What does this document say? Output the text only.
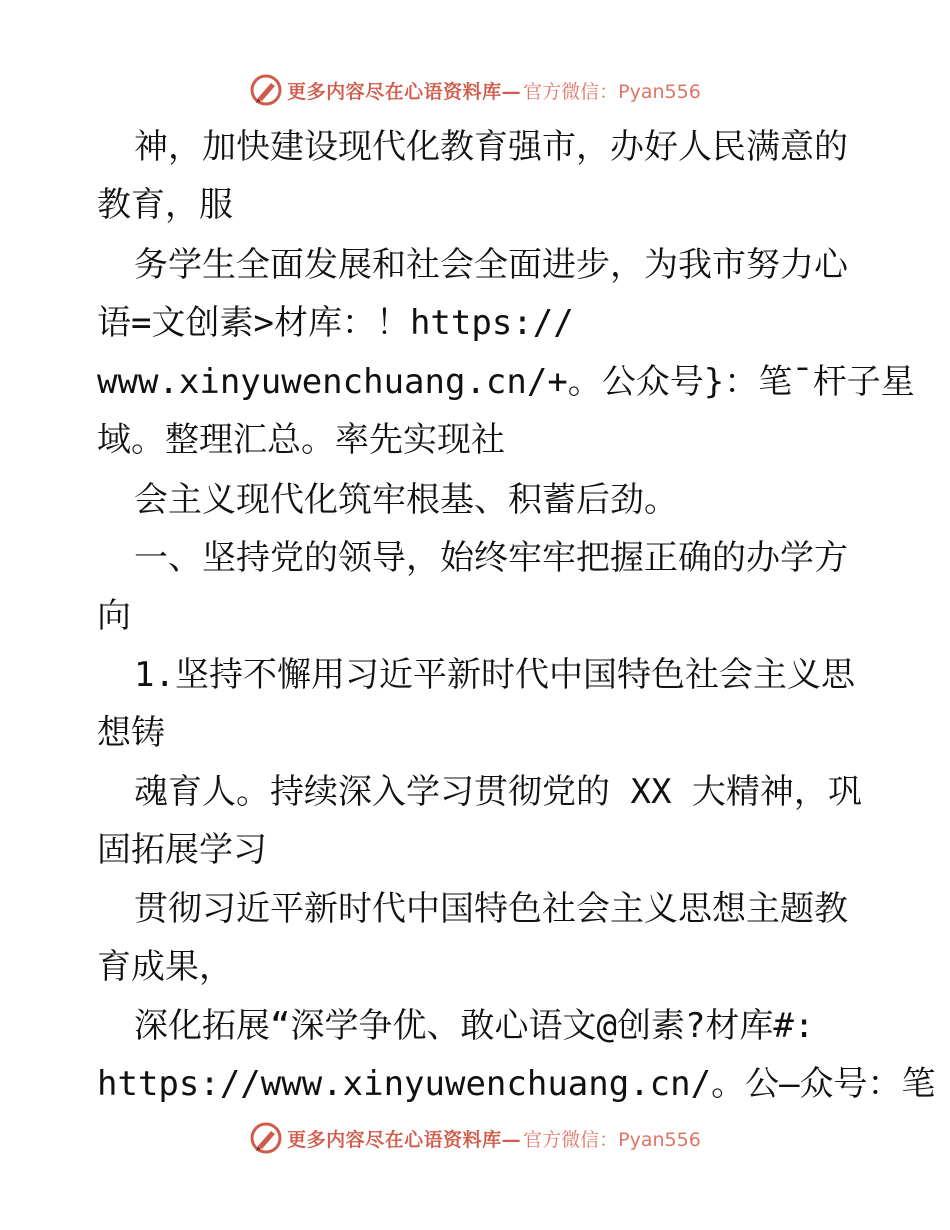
更多内容尽在心语资料库— 官方微信：Pyan556
神，加快建设现代化教育强市，办好人民满意的
教育，服
务学生全面发展和社会全面进步，为我市努力心
语=文创素>材库：！https://
www.xinyuwenchuang.cn/+。公众号}：笔¯杆子星
域。整理汇总。率先实现社
会主义现代化筑牢根基、积蓄后劲。
一、坚持党的领导，始终牢牢把握正确的办学方
向
1.坚持不懈用习近平新时代中国特色社会主义思
想铸
魂育人。持续深入学习贯彻党的 XX 大精神，巩
固拓展学习
贯彻习近平新时代中国特色社会主义思想主题教
育成果，
深化拓展“深学争优、敢心语文@创素?材库#:
https://www.xinyuwenchuang.cn/。公—众号：笔
更多内容尽在心语资料库— 官方微信：Pyan556
